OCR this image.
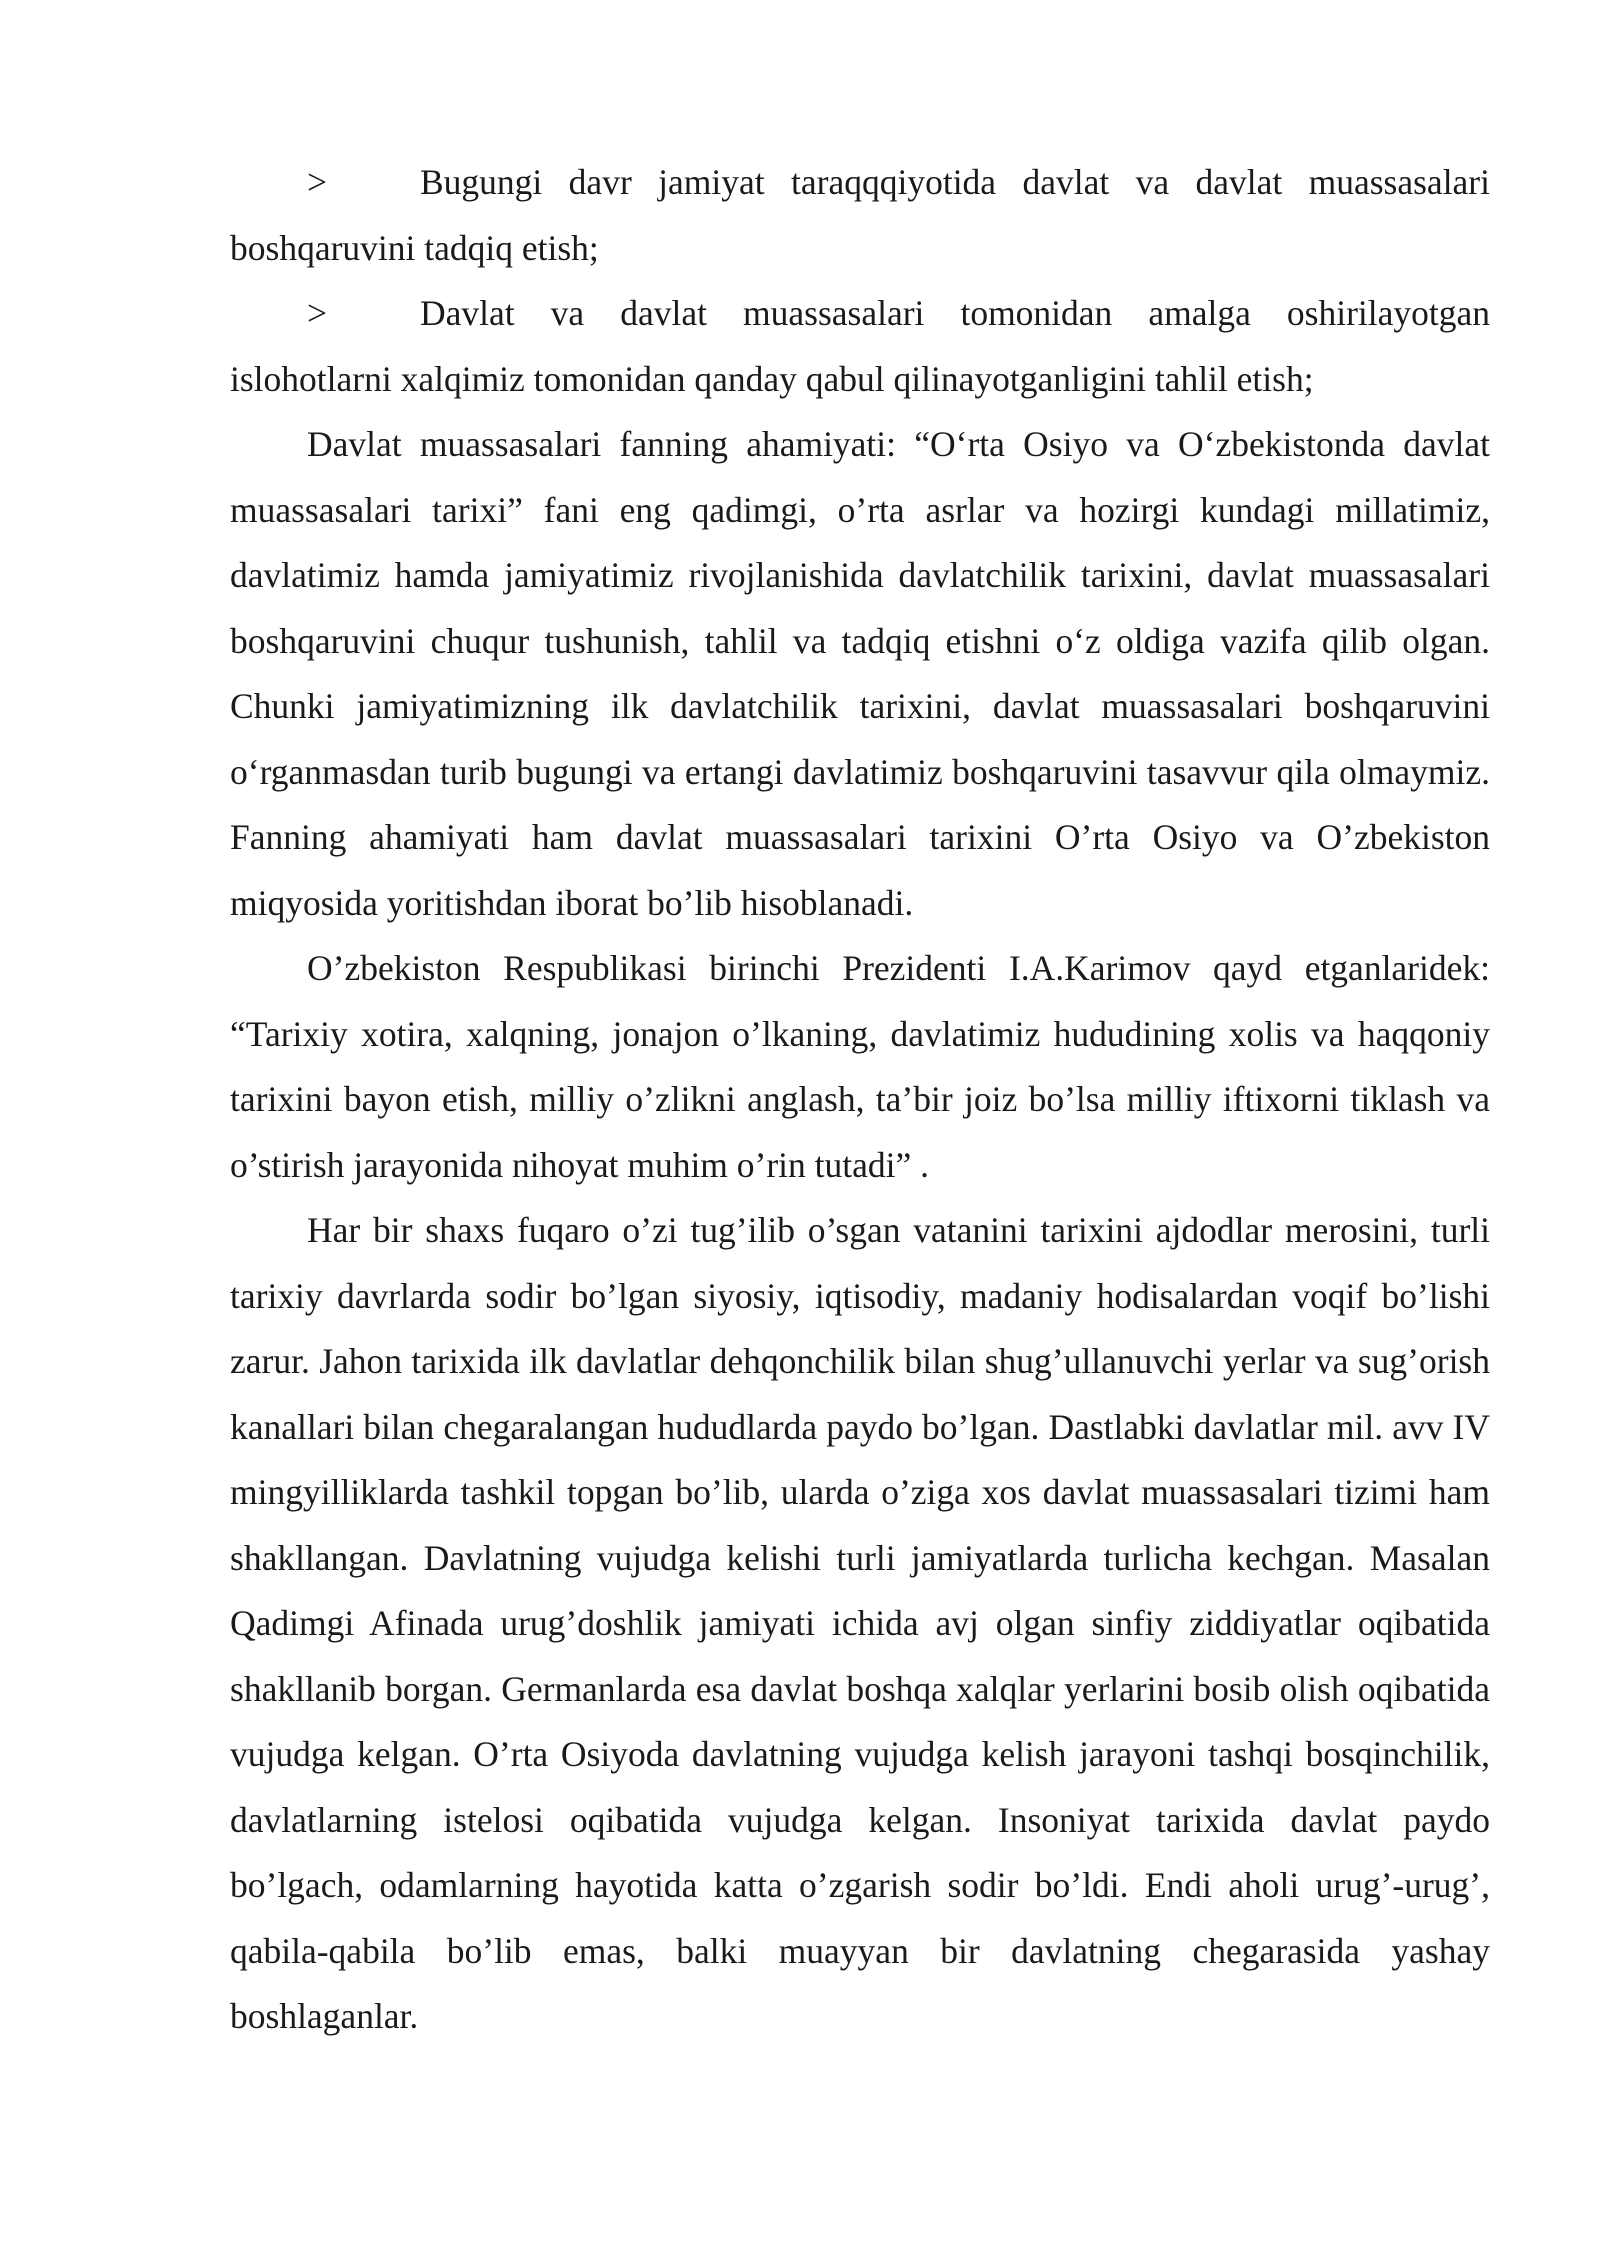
>	Bugungi davr jamiyat taraqqqiyotida davlat va davlat muassasalari boshqaruvini tadqiq etish;

>	Davlat va davlat muassasalari tomonidan amalga oshirilayotgan islohotlarni xalqimiz tomonidan qanday qabul qilinayotganligini tahlil etish;

Davlat muassasalari fanning ahamiyati: “O‘rta Osiyo va O‘zbekistonda davlat muassasalari tarixi” fani eng qadimgi, o’rta asrlar va hozirgi kundagi millatimiz, davlatimiz hamda jamiyatimiz rivojlanishida davlatchilik tarixini, davlat muassasalari boshqaruvini chuqur tushunish, tahlil va tadqiq etishni o‘z oldiga vazifa qilib olgan. Chunki jamiyatimizning ilk davlatchilik tarixini, davlat muassasalari boshqaruvini o‘rganmasdan turib bugungi va ertangi davlatimiz boshqaruvini tasavvur qila olmaymiz. Fanning ahamiyati ham davlat muassasalari tarixini O’rta Osiyo va O’zbekiston miqyosida yoritishdan iborat bo’lib hisoblanadi.

O’zbekiston Respublikasi birinchi Prezidenti I.A.Karimov qayd etganlaridek: “Tarixiy xotira, xalqning, jonajon o’lkaning, davlatimiz hududining xolis va haqqoniy tarixini bayon etish, milliy o’zlikni anglash, ta’bir joiz bo’lsa milliy iftixorni tiklash va o’stirish jarayonida nihoyat muhim o’rin tutadi” .

Har bir shaxs fuqaro o’zi tug’ilib o’sgan vatanini tarixini ajdodlar merosini, turli tarixiy davrlarda sodir bo’lgan siyosiy, iqtisodiy, madaniy hodisalardan voqif bo’lishi zarur. Jahon tarixida ilk davlatlar dehqonchilik bilan shug’ullanuvchi yerlar va sug’orish kanallari bilan chegaralangan hududlarda paydo bo’lgan. Dastlabki davlatlar mil. avv IV mingyilliklarda tashkil topgan bo’lib, ularda o’ziga xos davlat muassasalari tizimi ham shakllangan. Davlatning vujudga kelishi turli jamiyatlarda turlicha kechgan. Masalan Qadimgi Afinada urug’doshlik jamiyati ichida avj olgan sinfiy ziddiyatlar oqibatida shakllanib borgan. Germanlarda esa davlat boshqa xalqlar yerlarini bosib olish oqibatida vujudga kelgan. O’rta Osiyoda davlatning vujudga kelish jarayoni tashqi bosqinchilik, davlatlarning istelosi oqibatida vujudga kelgan. Insoniyat tarixida davlat paydo bo’lgach, odamlarning hayotida katta o’zgarish sodir bo’ldi. Endi aholi urug’-urug’, qabila-qabila bo’lib emas, balki muayyan bir davlatning chegarasida yashay boshlaganlar.
